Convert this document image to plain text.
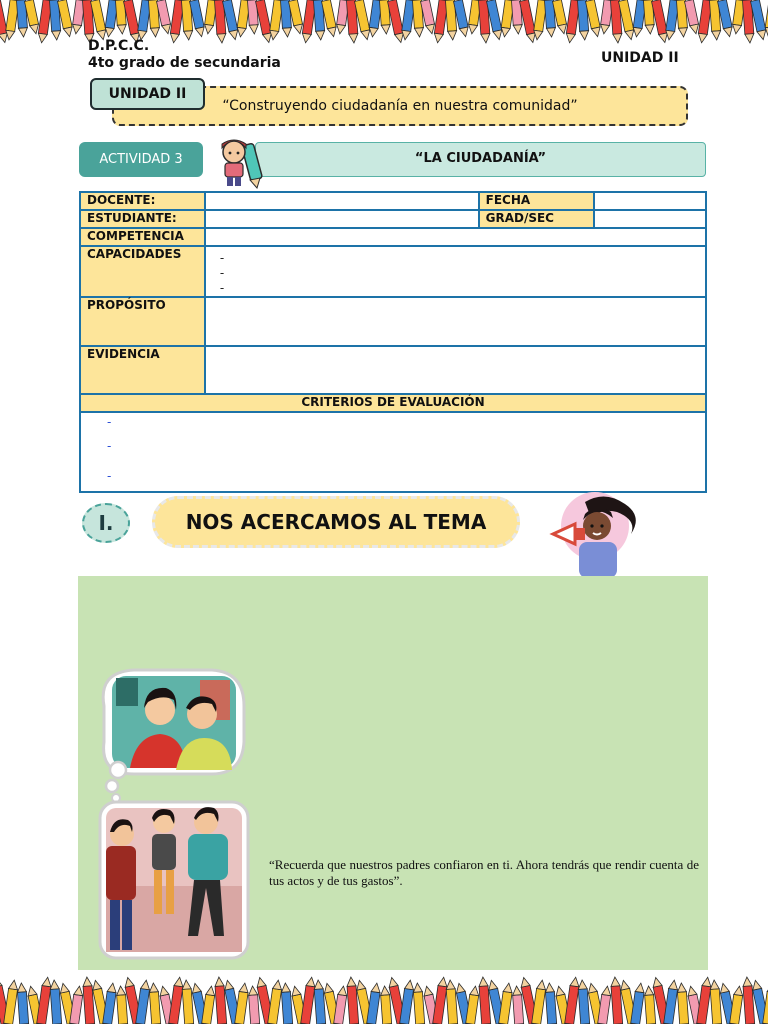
D.P.C.C.
4to grado de secundaria	UNIDAD II
“Construyendo ciudadanía en nuestra comunidad”
UNIDAD II
ACTIVIDAD 3	“LA CIUDADANÍA”
DOCENTE:		FECHA	
ESTUDIANTE:		GRAD/SEC	
COMPETENCIA			
CAPACIDADES	-
-
-		

PROPÓSITO			
EVIDENCIA			
CRITERIOS DE EVALUACIÓN			

-
-
-			
I.	NOS ACERCAMOS AL TEMA
“Recuerda que nuestros padres confiaron en ti. Ahora tendrás que rendir cuenta de tus actos y de tus gastos”.
